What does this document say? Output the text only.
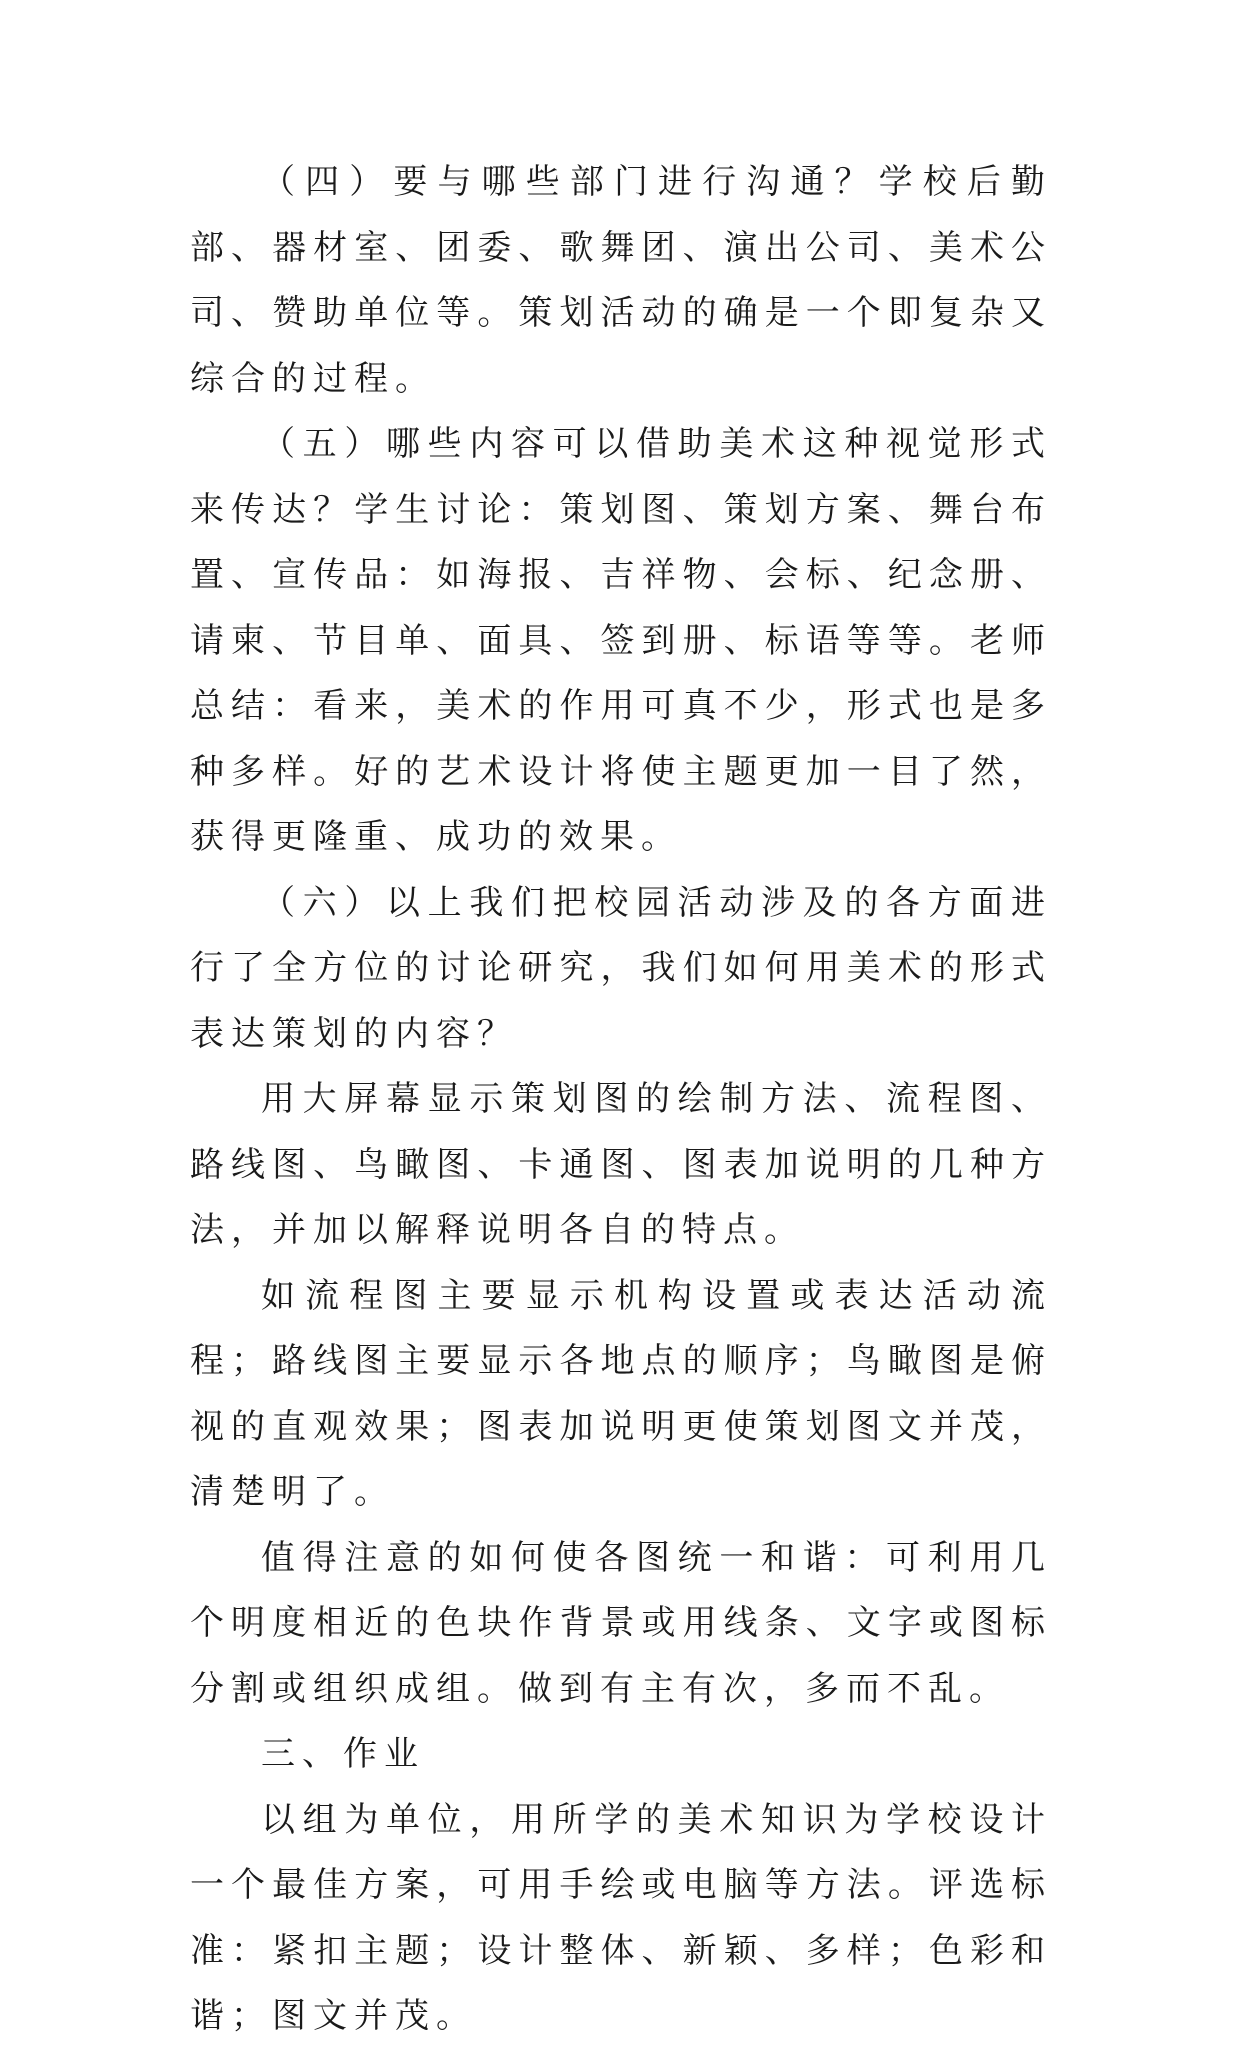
（四）要与哪些部门进行沟通？学校后勤部、器材室、团委、歌舞团、演出公司、美术公司、赞助单位等。策划活动的确是一个即复杂又综合的过程。

（五）哪些内容可以借助美术这种视觉形式来传达？学生讨论：策划图、策划方案、舞台布置、宣传品：如海报、吉祥物、会标、纪念册、请柬、节目单、面具、签到册、标语等等。老师总结：看来，美术的作用可真不少，形式也是多种多样。好的艺术设计将使主题更加一目了然，获得更隆重、成功的效果。

（六）以上我们把校园活动涉及的各方面进行了全方位的讨论研究，我们如何用美术的形式表达策划的内容？

用大屏幕显示策划图的绘制方法、流程图、路线图、鸟瞰图、卡通图、图表加说明的几种方法，并加以解释说明各自的特点。

如流程图主要显示机构设置或表达活动流程；路线图主要显示各地点的顺序；鸟瞰图是俯视的直观效果；图表加说明更使策划图文并茂，清楚明了。

值得注意的如何使各图统一和谐：可利用几个明度相近的色块作背景或用线条、文字或图标分割或组织成组。做到有主有次，多而不乱。

三、作业

以组为单位，用所学的美术知识为学校设计一个最佳方案，可用手绘或电脑等方法。评选标准：紧扣主题；设计整体、新颖、多样；色彩和谐；图文并茂。
